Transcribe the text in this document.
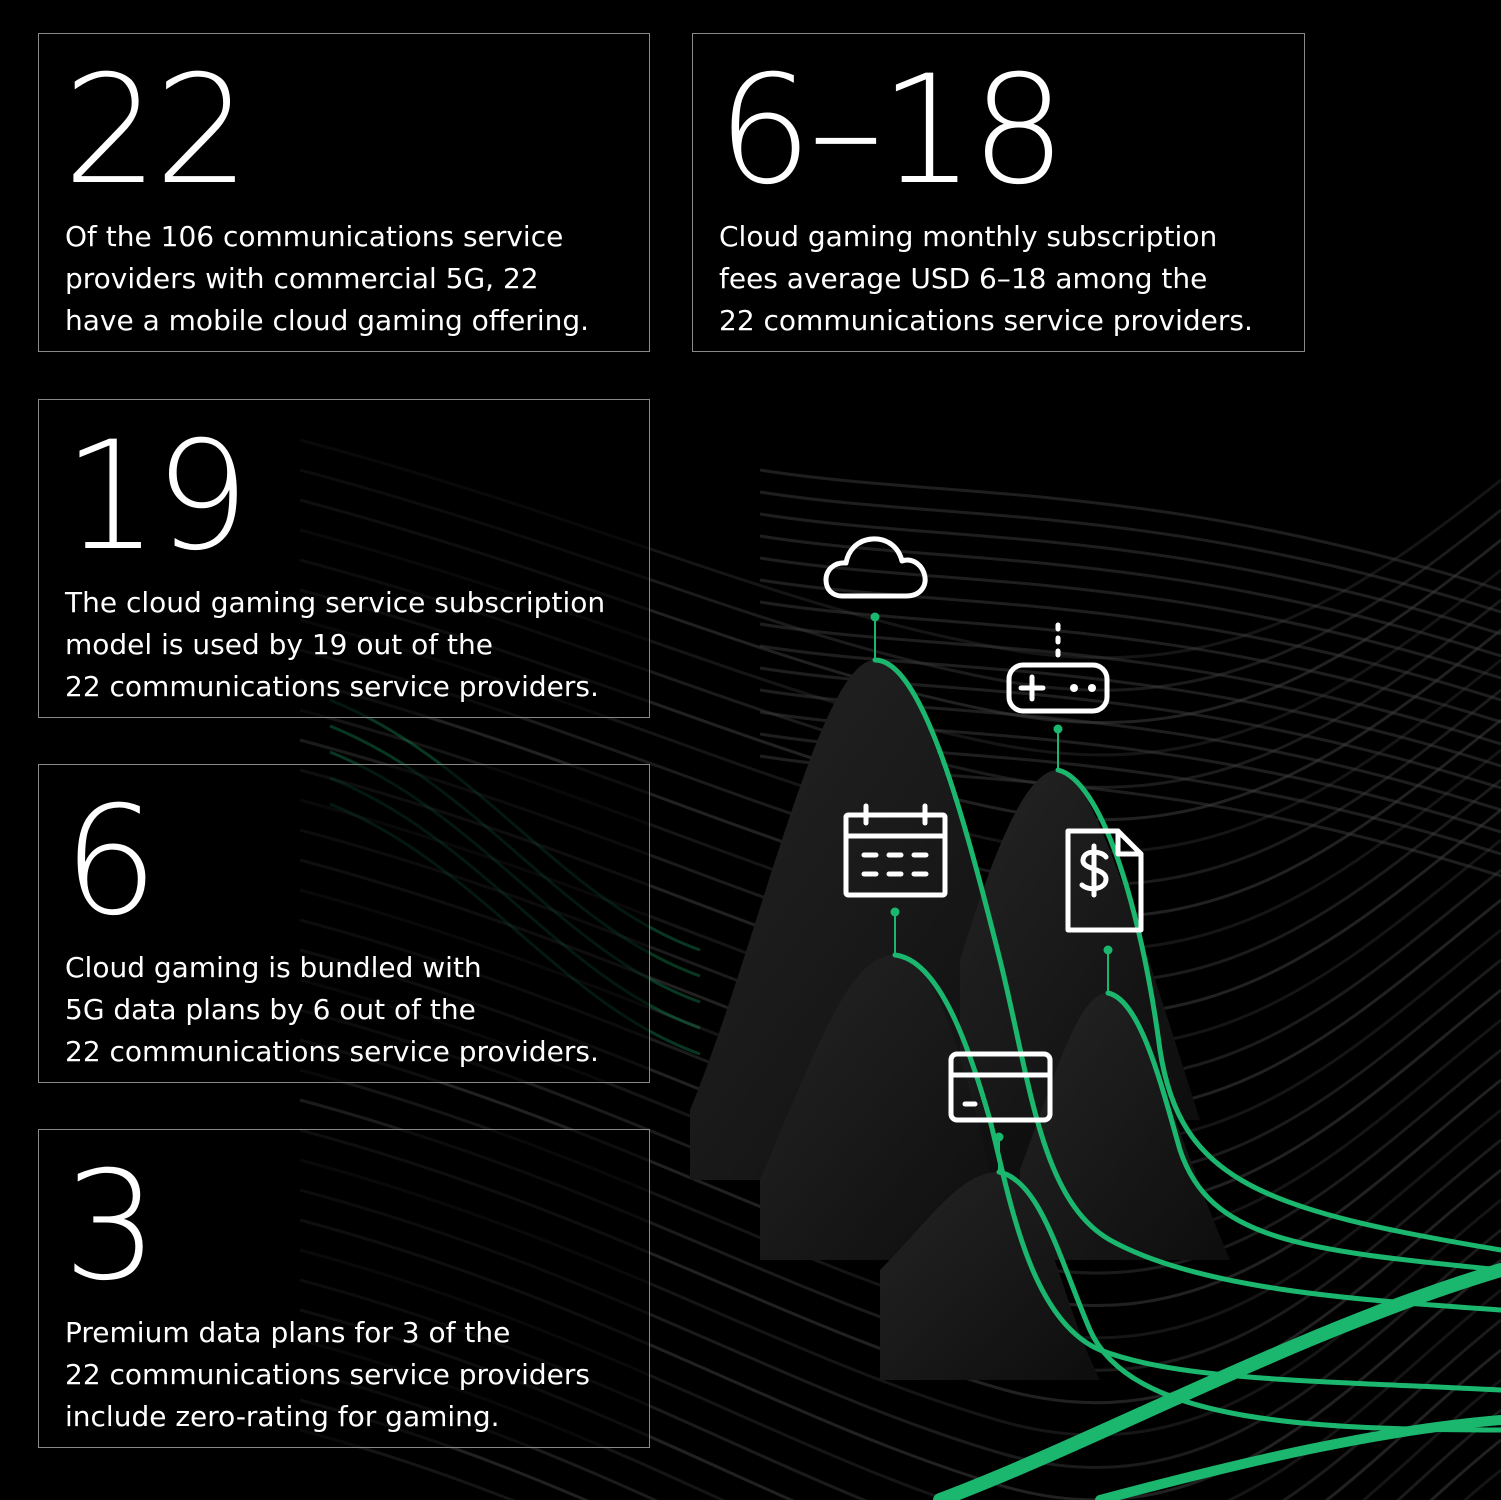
22
Of the 106 communications service
providers with commercial 5G, 22
have a mobile cloud gaming offering.
6–18
Cloud gaming monthly subscription
fees average USD 6–18 among the
22 communications service providers.
19
The cloud gaming service subscription
model is used by 19 out of the
22 communications service providers.
6
Cloud gaming is bundled with
5G data plans by 6 out of the
22 communications service providers.
3
Premium data plans for 3 of the
22 communications service providers
include zero-rating for gaming.
